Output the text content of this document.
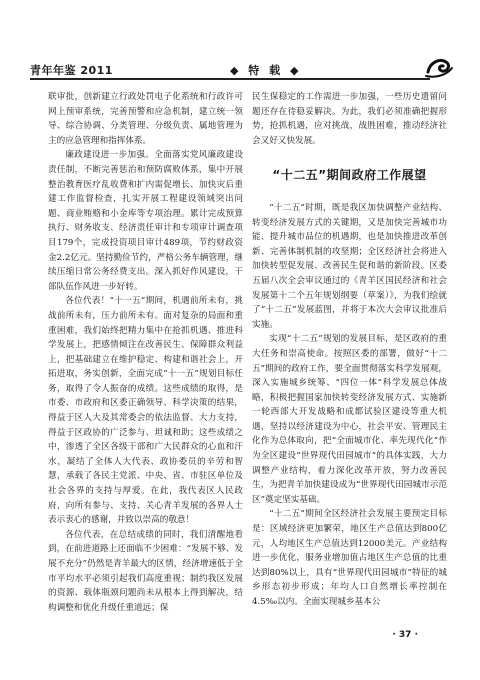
青年年鉴 2011	◆ 特 载 ◆

联审批，创新建立行政处罚电子化系统和行政许可网上预审系统，完善预警和应急机制，建立统一领导、综合协调、分类管理、分级负责、属地管理为主的应急管理和指挥体系。

廉政建设进一步加强。全面落实党风廉政建设责任制，不断完善惩治和预防腐败体系，集中开展整治教育医疗乱收费和扩内需促增长、加快灾后重建工作监督检查，扎实开展工程建设领域突出问题、商业贿赂和小金库等专项治理。累计完成预算执行、财务收支、经济责任审计和专项审计调查项目179个，完成投资项目审计489项，节约财政资金2.2亿元。坚持勤俭节约，严格公务车辆管理，继续压缩日常公务经费支出。深入抓好作风建设，干部队伍作风进一步好转。

各位代表！“十一五”期间，机遇前所未有，挑战前所未有，压力前所未有。面对复杂的局面和重重困难，我们始终把精力集中在抢抓机遇、推进科学发展上，把感情倾注在改善民生、保障群众利益上，把基础建立在维护稳定、构建和谐社会上，开拓进取，务实创新，全面完成“十一五”规划目标任务，取得了令人振奋的成绩。这些成绩的取得，是市委、市政府和区委正确领导、科学决策的结果，得益于区人大及其常委会的依法监督、大力支持，得益于区政协的广泛参与、坦诚和助；这些成绩之中，渗透了全区各级干部和广大民群众的心血和汗水，凝结了全体人大代表、政协委员的辛劳和智慧，承载了各民主党派、中央、省、市驻区单位及社会各界的支持与厚爱。在此，我代表区人民政府，向所有参与、支持、关心青羊发展的各界人士表示衷心的感谢，并致以崇高的敬意！

各位代表，在总结成绩的同时，我们清醒地看到，在前进道路上还面临不少困难：“发展不够、发展不充分”仍然是青羊最大的区情，经济增速低于全市平均水平必须引起我们高度重视；制约我区发展的资源、载体瓶颈问题尚未从根本上得到解决，结构调整和优化升级任重道远；保

民生保稳定的工作需进一步加强，一些历史遗留问题还存在待稳妥解决。为此，我们必须准确把握形势，抢抓机遇，应对挑战，战胜困难，推动经济社会又好又快发展。

“十二五”期间政府工作展望

“十二五”时期，既是我区加快调整产业结构、转变经济发展方式的关键期，又是加快完善城市功能、提升城市品位的机遇期，也是加快推进改革创新、完善体制机制的攻坚期；全区经济社会将进入加快转型促发展、改善民生促和谐的新阶段。区委五届八次全会审议通过的《青羊区国民经济和社会发展第十二个五年规划纲要（草案）》，为我们绘就了“十二五”发展蓝图，并将于本次大会审议批准后实施。

实现“十二五”规划的发展目标，是区政府的重大任务和崇高使命。按照区委的部署，做好“十二五”期间的政府工作，要全面贯彻落实科学发展观，深入实施城乡统筹、“四位一体”科学发展总体战略，积极把握国家加快转变经济发展方式、实施新一轮西部大开发战略和成都试验区建设等重大机遇，坚持以经济建设为中心，社会平安、管理民主化作为总体取向，把“全面城市化、率先现代化”作为全区建设“世界现代田园城市”的具体实践，大力调整产业结构，着力深化改革开放，努力改善民生，为把青羊加快建设成为“世界现代田园城市示范区”奠定坚实基础。

“十二五”期间全区经济社会发展主要预定目标是：区域经济更加繁荣，地区生产总值达到800亿元，人均地区生产总值达到12000美元。产业结构进一步优化，服务业增加值占地区生产总值的比重达到80%以上，具有“世界现代田园城市”特征的城乡形态初步形成；年均人口自然增长率控制在4.5‰以内。全面实现城乡基本公

· 37 ·
